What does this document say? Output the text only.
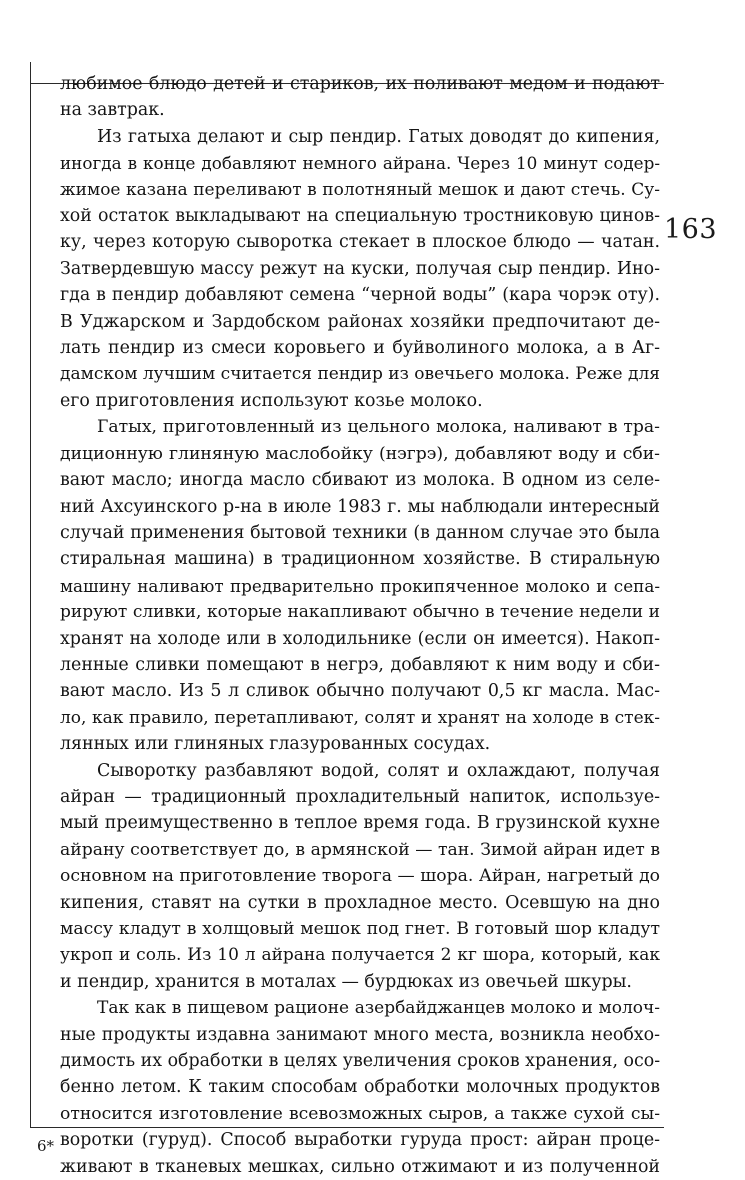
163

любимое блюдо детей и стариков, их поливают медом и подают

на завтрак.

Из гатыха делают и сыр пендир. Гатых доводят до кипения,

иногда в конце добавляют немного айрана. Через 10 минут содер-

жимое казана переливают в полотняный мешок и дают стечь. Су-

хой остаток выкладывают на специальную тростниковую цинов-

ку, через которую сыворотка стекает в плоское блюдо — чатан.

Затвердевшую массу режут на куски, получая сыр пендир. Ино-

гда в пендир добавляют семена “черной воды” (кара чорэк оту).

В Уджарском и Зардобском районах хозяйки предпочитают де-

лать пендир из смеси коровьего и буйволиного молока, а в Аг-

дамском лучшим считается пендир из овечьего молока. Реже для

его приготовления используют козье молоко.

Гатых, приготовленный из цельного молока, наливают в тра-

диционную глиняную маслобойку (нэгрэ), добавляют воду и сби-

вают масло; иногда масло сбивают из молока. В одном из селе-

ний Ахсуинского р-на в июле 1983 г. мы наблюдали интересный

случай применения бытовой техники (в данном случае это была

стиральная машина) в традиционном хозяйстве. В стиральную

машину наливают предварительно прокипяченное молоко и сепа-

рируют сливки, которые накапливают обычно в течение недели и

хранят на холоде или в холодильнике (если он имеется). Накоп-

ленные сливки помещают в негрэ, добавляют к ним воду и сби-

вают масло. Из 5 л сливок обычно получают 0,5 кг масла. Мас-

ло, как правило, перетапливают, солят и хранят на холоде в стек-

лянных или глиняных глазурованных сосудах.

Сыворотку разбавляют водой, солят и охлаждают, получая

айран — традиционный прохладительный напиток, используе-

мый преимущественно в теплое время года. В грузинской кухне

айрану соответствует до, в армянской — тан. Зимой айран идет в

основном на приготовление творога — шора. Айран, нагретый до

кипения, ставят на сутки в прохладное место. Осевшую на дно

массу кладут в холщовый мешок под гнет. В готовый шор кладут

укроп и соль. Из 10 л айрана получается 2 кг шора, который, как

и пендир, хранится в моталах — бурдюках из овечьей шкуры.

Так как в пищевом рационе азербайджанцев молоко и молоч-

ные продукты издавна занимают много места, возникла необхо-

димость их обработки в целях увеличения сроков хранения, осо-

бенно летом. К таким способам обработки молочных продуктов

относится изготовление всевозможных сыров, а также сухой сы-

воротки (гуруд). Способ выработки гуруда прост: айран проце-

живают в тканевых мешках, сильно отжимают и из полученной

6*
